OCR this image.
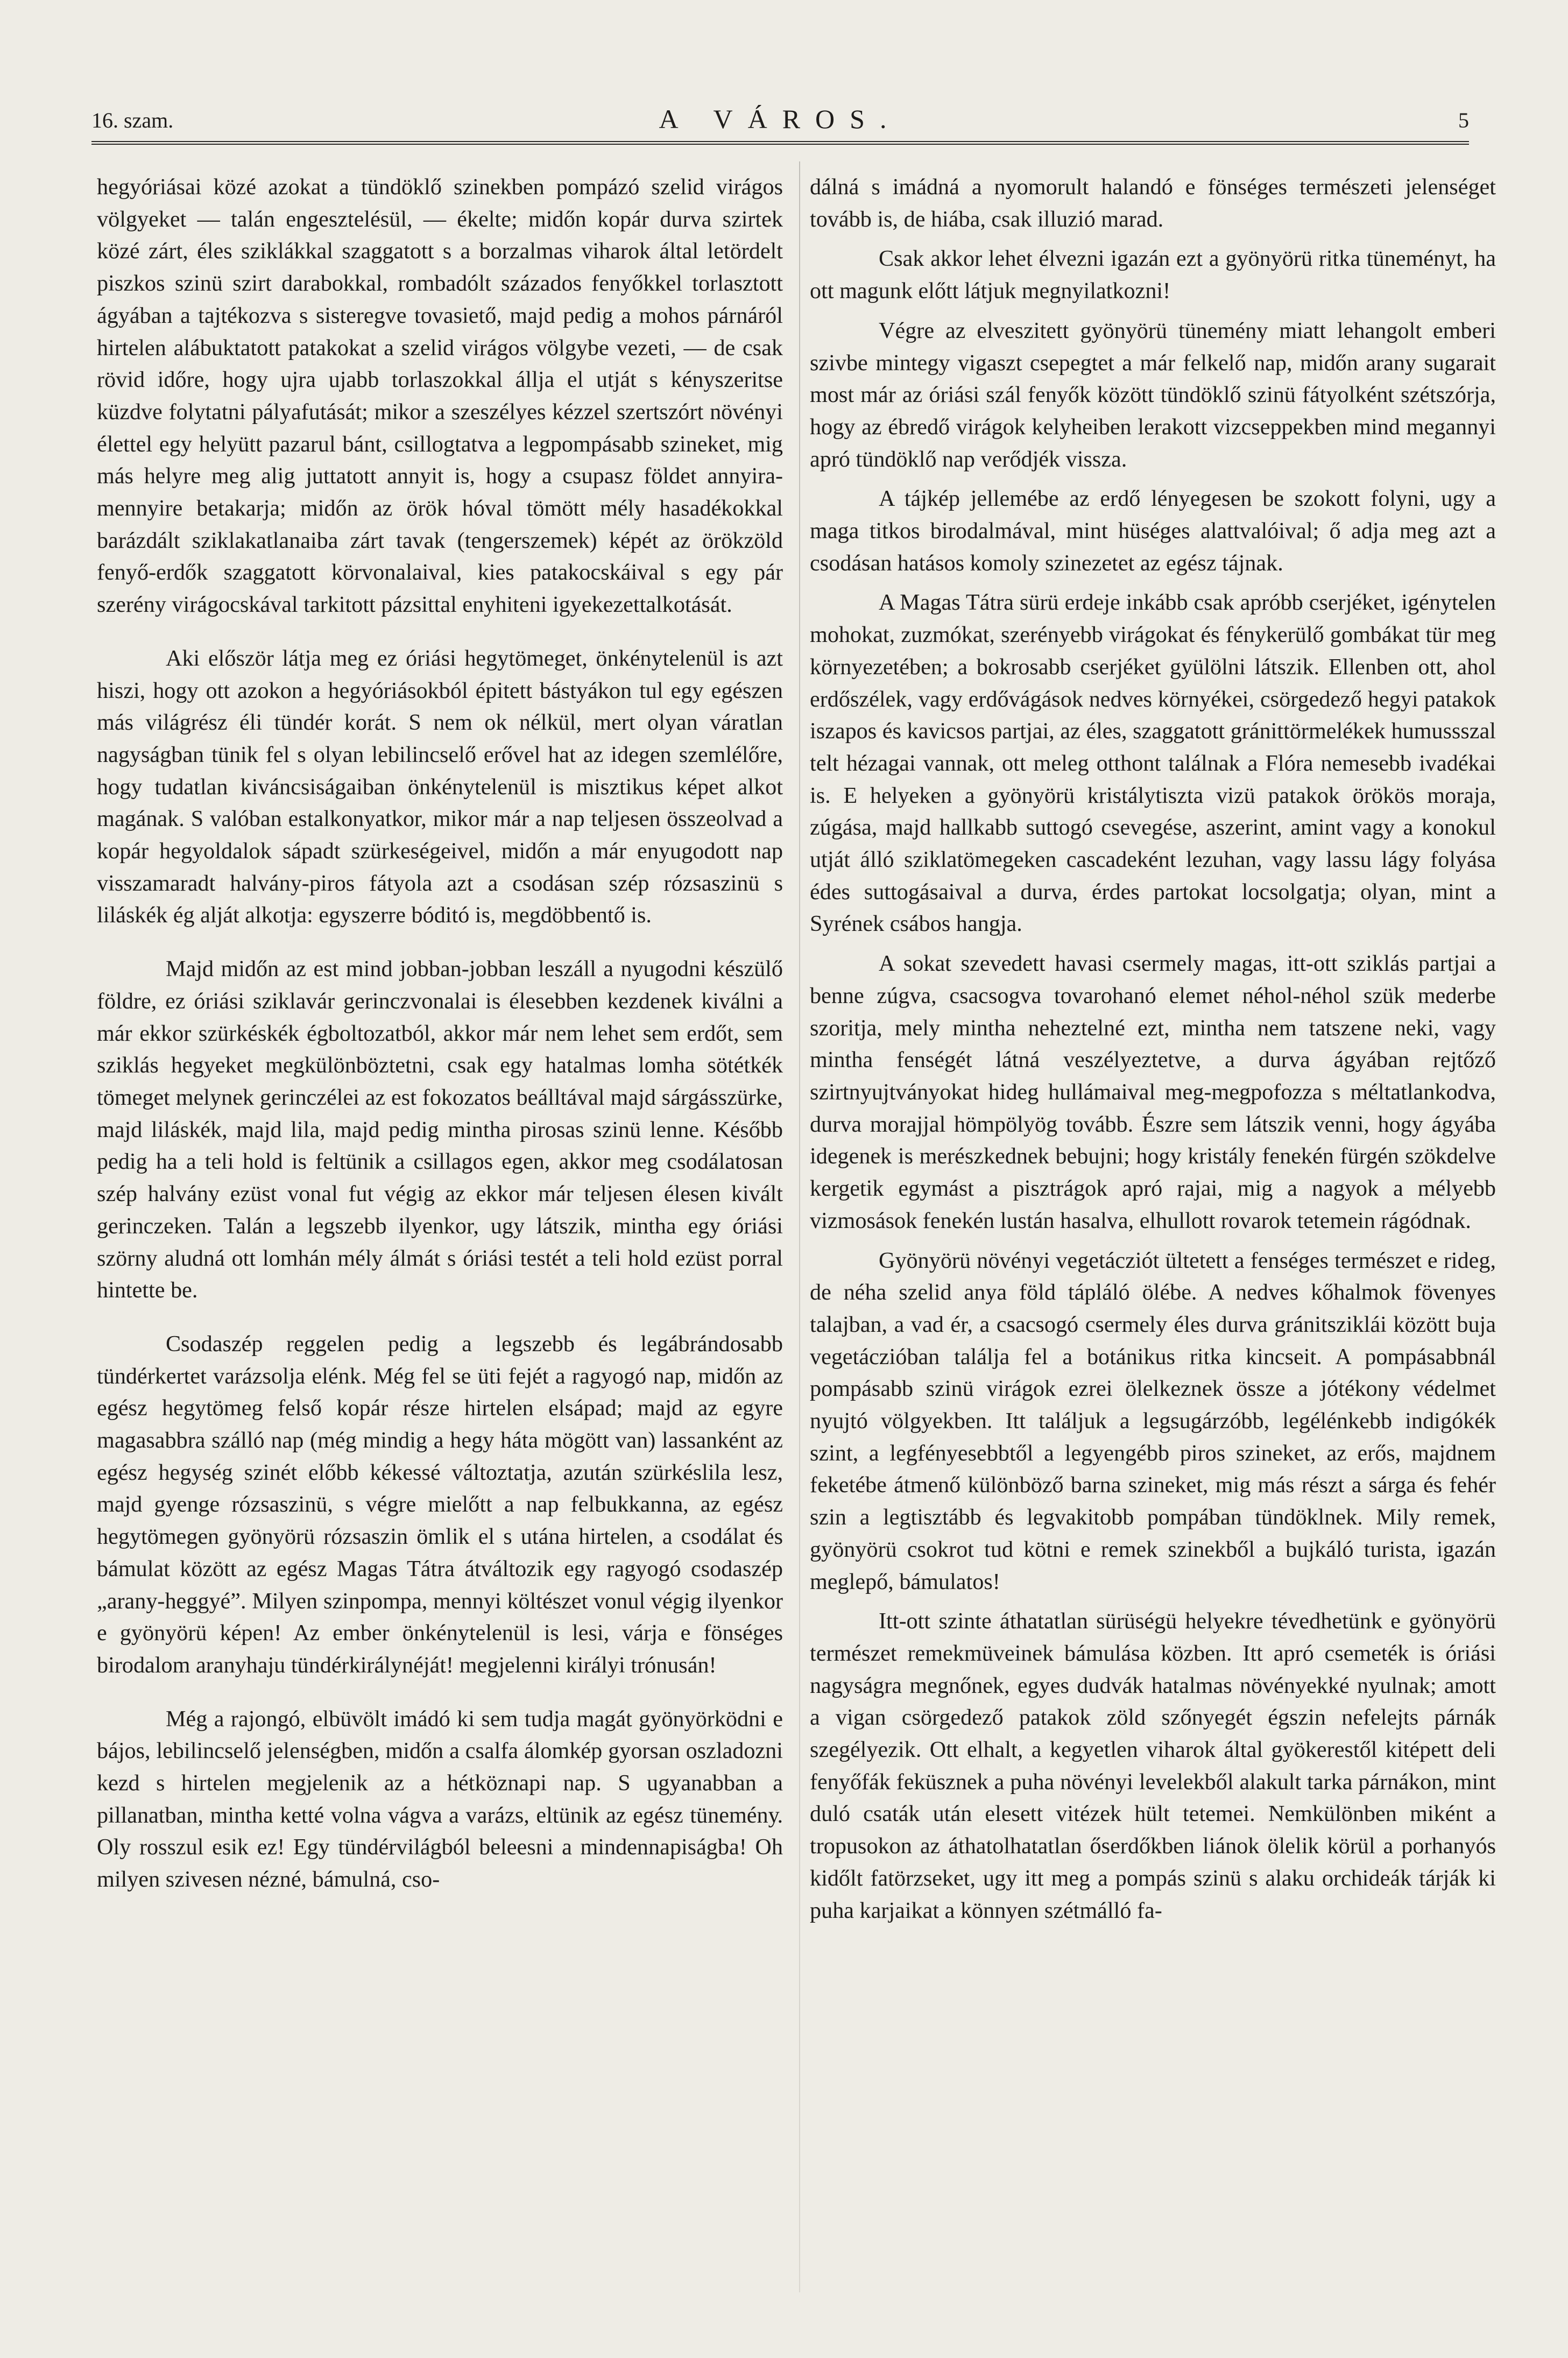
16. szam.	A VÁROS.	5

hegyóriásai közé azokat a tündöklő szinekben pompázó szelid virágos völgyeket — talán engesztelésül, — ékelte; midőn kopár durva szirtek közé zárt, éles sziklákkal szaggatott s a borzalmas viharok által letördelt piszkos szinü szirt darabokkal, rombadólt százados fenyőkkel torlasztott ágyában a tajtékozva s sisteregve tovasiető, majd pedig a mohos párnáról hirtelen alábuktatott patakokat a szelid virágos völgybe vezeti, — de csak rövid időre, hogy ujra ujabb torlaszokkal állja el utját s kényszeritse küzdve folytatni pályafutását; mikor a szeszélyes kézzel szertszórt növényi élettel egy helyütt pazarul bánt, csillogtatva a legpompásabb szineket, mig más helyre meg alig juttatott annyit is, hogy a csupasz földet annyira-mennyire betakarja; midőn az örök hóval tömött mély hasadékokkal barázdált sziklakatlanaiba zárt tavak (tengerszemek) képét az örökzöld fenyő-erdők szaggatott körvonalaival, kies patakocskáival s egy pár szerény virágocskával tarkitott pázsittal enyhiteni igyekezettalkotását.

Aki először látja meg ez óriási hegytömeget, önkénytelenül is azt hiszi, hogy ott azokon a hegyóriásokból épitett bástyákon tul egy egészen más világrész éli tündér korát. S nem ok nélkül, mert olyan váratlan nagyságban tünik fel s olyan lebilincselő erővel hat az idegen szemlélőre, hogy tudatlan kiváncsiságaiban önkénytelenül is misztikus képet alkot magának. S valóban estalkonyatkor, mikor már a nap teljesen összeolvad a kopár hegyoldalok sápadt szürkeségeivel, midőn a már enyugodott nap visszamaradt halvány-piros fátyola azt a csodásan szép rózsaszinü s liláskék ég alját alkotja: egyszerre bóditó is, megdöbbentő is.

Majd midőn az est mind jobban-jobban leszáll a nyugodni készülő földre, ez óriási sziklavár gerinczvonalai is élesebben kezdenek kiválni a már ekkor szürkéskék égboltozatból, akkor már nem lehet sem erdőt, sem sziklás hegyeket megkülönböztetni, csak egy hatalmas lomha sötétkék tömeget melynek gerinczélei az est fokozatos beálltával majd sárgásszürke, majd liláskék, majd lila, majd pedig mintha pirosas szinü lenne. Később pedig ha a teli hold is feltünik a csillagos egen, akkor meg csodálatosan szép halvány ezüst vonal fut végig az ekkor már teljesen élesen kivált gerinczeken. Talán a legszebb ilyenkor, ugy látszik, mintha egy óriási szörny aludná ott lomhán mély álmát s óriási testét a teli hold ezüst porral hintette be.

Csodaszép reggelen pedig a legszebb és legábrándosabb tündérkertet varázsolja elénk. Még fel se üti fejét a ragyogó nap, midőn az egész hegytömeg felső kopár része hirtelen elsápad; majd az egyre magasabbra szálló nap (még mindig a hegy háta mögött van) lassanként az egész hegység szinét előbb kékessé változtatja, azután szürkéslila lesz, majd gyenge rózsaszinü, s végre mielőtt a nap felbukkanna, az egész hegytömegen gyönyörü rózsaszin ömlik el s utána hirtelen, a csodálat és bámulat között az egész Magas Tátra átváltozik egy ragyogó csodaszép „arany-heggyé”. Milyen szinpompa, mennyi költészet vonul végig ilyenkor e gyönyörü képen! Az ember önkénytelenül is lesi, várja e fönséges birodalom aranyhaju tündérkirálynéját! megjelenni királyi trónusán!

Még a rajongó, elbüvölt imádó ki sem tudja magát gyönyörködni e bájos, lebilincselő jelenségben, midőn a csalfa álomkép gyorsan oszladozni kezd s hirtelen megjelenik az a hétköznapi nap. S ugyanabban a pillanatban, mintha ketté volna vágva a varázs, eltünik az egész tüneménу. Oly rosszul esik ez! Egy tündérvilágból beleesni a mindennapiságba! Oh milyen szivesen nézné, bámulná, cso-

dálná s imádná a nyomorult halandó e fönséges természeti jelenséget tovább is, de hiába, csak illuzió marad.

Csak akkor lehet élvezni igazán ezt a gyönyörü ritka tüneményt, ha ott magunk előtt látjuk megnyilatkozni!

Végre az elveszitett gyönyörü tünemény miatt lehangolt emberi szivbe mintegy vigaszt csepegtet a már felkelő nap, midőn arany sugarait most már az óriási szál fenyők között tündöklő szinü fátyolként szétszórja, hogy az ébredő virágok kelyheiben lerakott vizcseppekben mind megannyi apró tündöklő nap verődjék vissza.

A tájkép jellemébe az erdő lényegesen be szokott folyni, ugy a maga titkos birodalmával, mint hüséges alattvalóival; ő adja meg azt a csodásan hatásos komoly szinezetet az egész tájnak.

A Magas Tátra sürü erdeje inkább csak apróbb cserjéket, igénytelen mohokat, zuzmókat, szerényebb virágokat és fénykerülő gombákat tür meg környezetében; a bokrosabb cserjéket gyülölni látszik. Ellenben ott, ahol erdőszélek, vagy erdővágások nedves környékei, csörgedező hegyi patakok iszapos és kavicsos partjai, az éles, szaggatott gránittörmelékek humussszal telt hézagai vannak, ott meleg otthont találnak a Flóra nemesebb ivadékai is. E helyeken a gyönyörü kristálytiszta vizü patakok örökös moraja, zúgása, majd hallkabb suttogó csevegése, aszerint, amint vagy a konokul utját álló sziklatömegeken cascadeként lezuhan, vagy lassu lágy folyása édes suttogásaival a durva, érdes partokat locsolgatja; olyan, mint a Syrének csábos hangja.

A sokat szevedett havasi csermely magas, itt-ott sziklás partjai a benne zúgva, csacsogva tovarohanó elemet néhol-néhol szük mederbe szoritja, mely mintha neheztelné ezt, mintha nem tatszene neki, vagy mintha fenségét látná veszélyeztetve, a durva ágyában rejtőző szirtnyujtványokat hideg hullámaival meg-megpofozza s méltatlankodva, durva morajjal hömpölyög tovább. Észre sem látszik venni, hogy ágyába idegenek is merészkednek bebujni; hogy kristály fenekén fürgén szökdelve kergetik egymást a pisztrágok apró rajai, mig a nagyok a mélyebb vizmosások fenekén lustán hasalva, elhullott rovarok tetemein rágódnak.

Gyönyörü növényi vegetácziót ültetett a fenséges természet e rideg, de néha szelid anya föld tápláló ölébe. A nedves kőhalmok fövenyes talajban, a vad ér, a csacsogó csermely éles durva gránitsziklái között buja vegetáczióban találja fel a botánikus ritka kincseit. A pompásabbnál pompásabb szinü virágok ezrei ölelkeznek össze a jótékony védelmet nyujtó völgyekben. Itt találjuk a legsugárzóbb, legélénkebb indigókék szint, a legfényesebbtől a legyengébb piros szineket, az erős, majdnem feketébe átmenő különböző barna szineket, mig más részt a sárga és fehér szin a legtisztább és legvakitobb pompában tündöklnek. Mily remek, gyönyörü csokrot tud kötni e remek szinekből a bujkáló turista, igazán meglepő, bámulatos!

Itt-ott szinte áthatatlan sürüségü helyekre tévedhetünk e gyönyörü természet remekmüveinek bámulása közben. Itt apró csemeték is óriási nagyságra megnőnek, egyes dudvák hatalmas növényekké nyulnak; amott a vigan csörgedező patakok zöld szőnyegét égszin nefelejts párnák szegélyezik. Ott elhalt, a kegyetlen viharok által gyökerestől kitépett deli fenyőfák feküsznek a puha növényi levelekből alakult tarka párnákon, mint duló csaták után elesett vitézek hült tetemei. Nemkülönben miként a tropusokon az áthatolhatatlan őserdőkben liánok ölelik körül a porhanyós kidőlt fatörzseket, ugy itt meg a pompás szinü s alaku orchideák tárják ki puha karjaikat a könnyen szétmálló fa-
